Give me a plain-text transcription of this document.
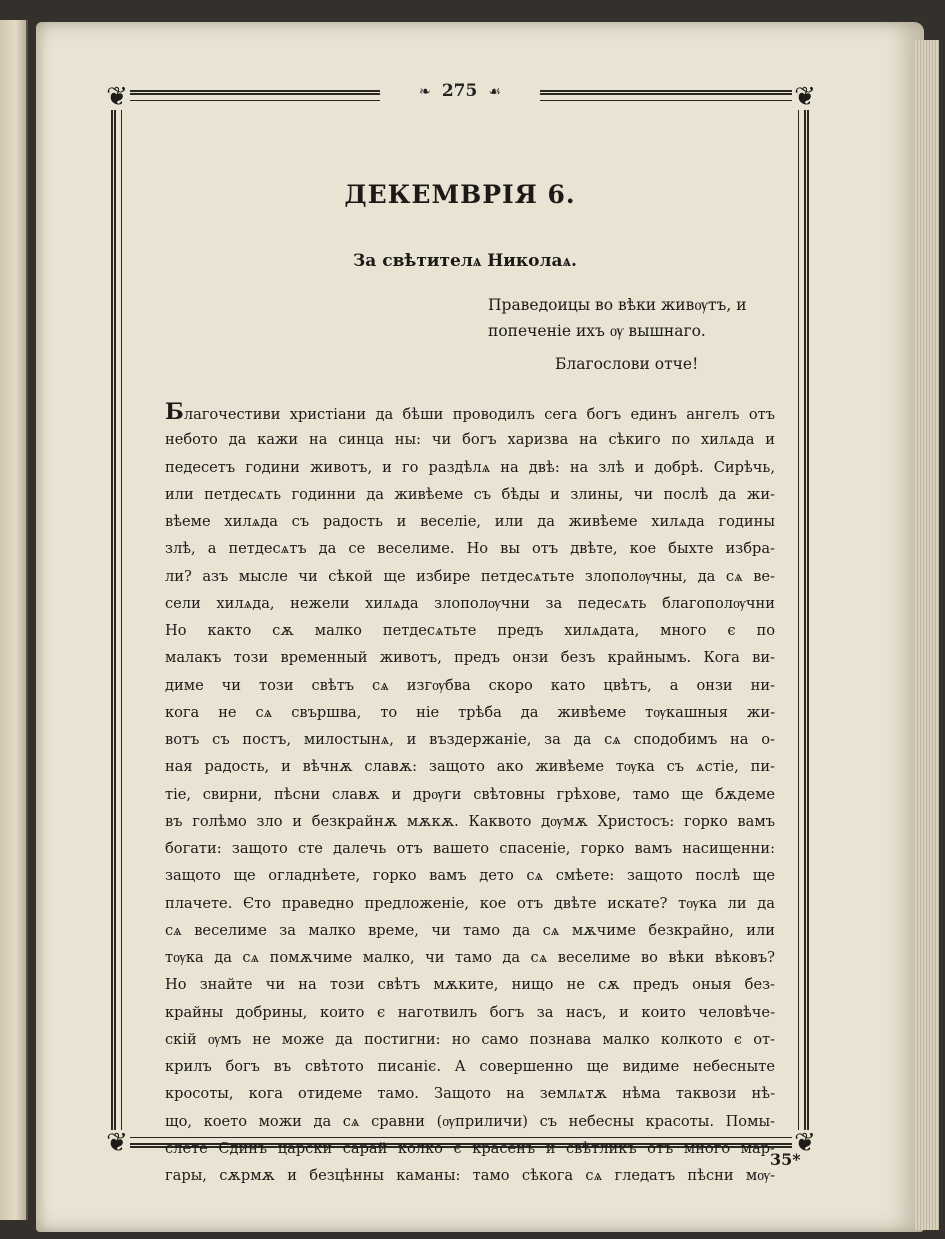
❦	❦
❦	❦
❧ 275 ☙
ДЕКЕМВРІЯ 6.
За свѣтителѧ Николаѧ.
Праведоицы во вѣки живѹтъ, и
попеченіе ихъ ѹ вышнаго.
Благослови отче!
Благочестиви христіани да бѣши проводилъ сега богъ единъ ангелъ отъ
небото да кажи на синца ны: чи богъ харизва на сѣкиго по хилѧда и
педесетъ години животъ, и го раздѣлѧ на двѣ: на злѣ и добрѣ. Сирѣчь,
или петдесѧть годинни да живѣеме съ бѣды и злины, чи послѣ да жи-
вѣеме хилѧда съ радость и веселіе, или да живѣеме хилѧда годины
злѣ, а петдесѧтъ да се веселиме. Но вы отъ двѣте, кое быхте избра-
ли? азъ мысле чи сѣкой ще избире петдесѧтьте злополѹчны, да сѧ ве-
сели хилѧда, нежели хилѧда злополѹчни за педесѧть благополѹчни
Но както сѫ малко петдесѧтьте предъ хилѧдата, много є по
малакъ този временный животъ, предъ онзи безъ крайнымъ. Кога ви-
диме чи този свѣтъ сѧ изгѹбва скоро като цвѣтъ, а онзи ни-
кога не сѧ свършва, то ніе трѣба да живѣеме тѹкашныя жи-
вотъ съ постъ, милостынѧ, и въздержаніе, за да сѧ сподобимъ на о-
ная радость, и вѣчнѫ славѫ: защото ако живѣеме тѹка съ ѧстіе, пи-
тіе, свирни, пѣсни славѫ и дрѹги свѣтовны грѣхове, тамо ще бѫдеме
въ голѣмо зло и безкрайнѫ мѫкѫ. Каквото дѹмѫ Христосъ: горко вамъ
богати: защото сте далечь отъ вашето спасеніе, горко вамъ насищенни:
защото ще огладнѣете, горко вамъ дето сѧ смѣете: защото послѣ ще
плачете. Єто праведно предложеніе, кое отъ двѣте искате? тѹка ли да
сѧ веселиме за малко време, чи тамо да сѧ мѫчиме безкрайно, или
тѹка да сѧ помѫчиме малко, чи тамо да сѧ веселиме во вѣки вѣковъ?
Но знайте чи на този свѣтъ мѫките, нищо не сѫ предъ оныя без-
крайны добрины, които є наготвилъ богъ за насъ, и които человѣче-
скій ѹмъ не може да постигни: но само познава малко колкото є от-
крилъ богъ въ свѣтото писаніє. А совершенно ще видиме небесныте
кросоты, кога отидеме тамо. Защото на землѧтѫ нѣма таквози нѣ-
що, което можи да сѧ сравни (ѹприличи) съ небесны красоты. Помы-
слете Єдинъ царски сарай колко є красенъ и свѣтликъ отъ много мар-
гары, сѫрмѫ и безцѣнны каманы: тамо сѣкога сѧ гледатъ пѣсни мѹ-
35*
